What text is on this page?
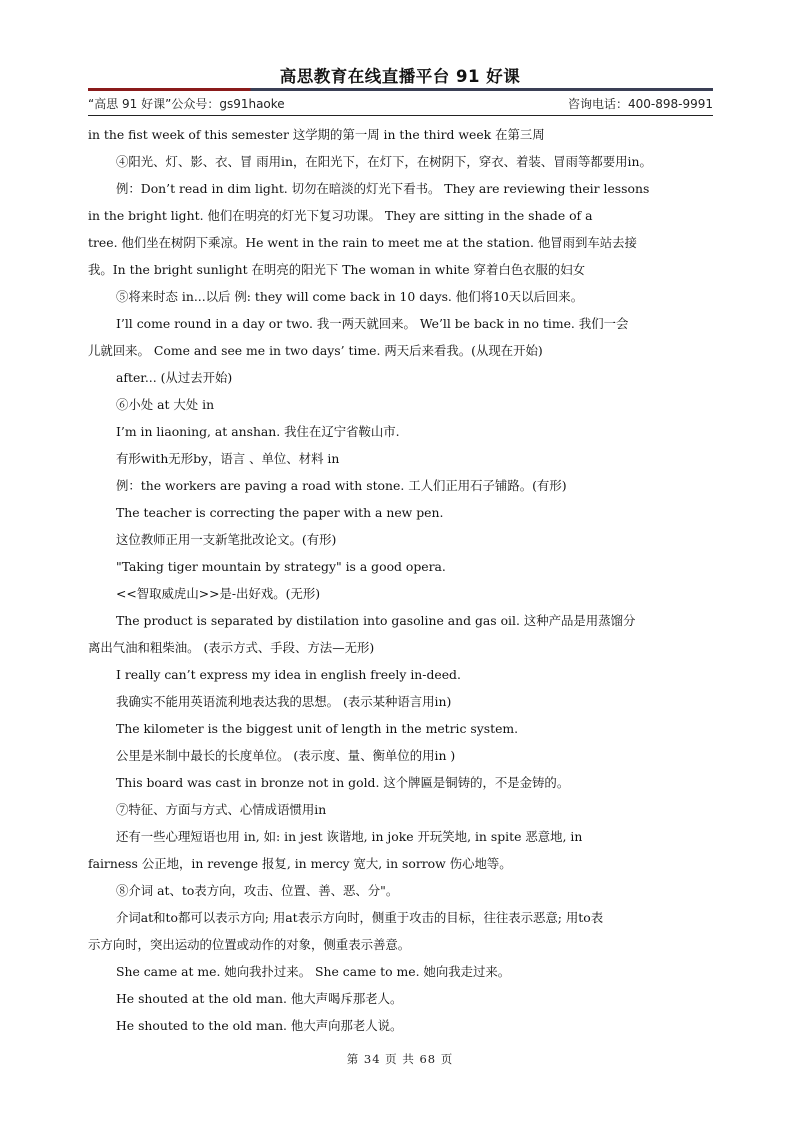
高思教育在线直播平台 91 好课
“高思 91 好课”公众号：gs91haoke	咨询电话：400-898-9991
in the fist week of this semester 这学期的第一周 in the third week 在第三周
④阳光、灯、影、衣、冒 雨用in，在阳光下，在灯下，在树阴下，穿衣、着装、冒雨等都要用in。
例：Don’t read in dim light. 切勿在暗淡的灯光下看书。 They are reviewing their lessons
in the bright light. 他们在明亮的灯光下复习功课。 They are sitting in the shade of a
tree. 他们坐在树阴下乘凉。He went in the rain to meet me at the station. 他冒雨到车站去接
我。In the bright sunlight 在明亮的阳光下 The woman in white 穿着白色衣服的妇女
⑤将来时态 in...以后 例: they will come back in 10 days. 他们将10天以后回来。
I’ll come round in a day or two. 我一两天就回来。 We’ll be back in no time. 我们一会
儿就回来。 Come and see me in two days’ time. 两天后来看我。(从现在开始)
after... (从过去开始)
⑥小处 at 大处 in
I’m in liaoning, at anshan. 我住在辽宁省鞍山市.
有形with无形by，语言 、单位、材料 in
例：the workers are paving a road with stone. 工人们正用石子铺路。(有形)
The teacher is correcting the paper with a new pen.
这位教师正用一支新笔批改论文。(有形)
"Taking tiger mountain by strategy" is a good opera.
<<智取威虎山>>是-出好戏。(无形)
The product is separated by distilation into gasoline and gas oil. 这种产品是用蒸馏分
离出气油和粗柴油。 (表示方式、手段、方法—无形)
I really can’t express my idea in english freely in-deed.
我确实不能用英语流利地表达我的思想。 (表示某种语言用in)
The kilometer is the biggest unit of length in the metric system.
公里是米制中最长的长度单位。 (表示度、量、衡单位的用in )
This board was cast in bronze not in gold. 这个牌匾是铜铸的，不是金铸的。
⑦特征、方面与方式、心情成语惯用in
还有一些心理短语也用 in, 如: in jest 诙谐地, in joke 开玩笑地, in spite 恶意地, in
fairness 公正地，in revenge 报复, in mercy 宽大, in sorrow 伤心地等。
⑧介词 at、to表方向，攻击、位置、善、恶、分"。
介词at和to都可以表示方向; 用at表示方向时，侧重于攻击的目标，往往表示恶意; 用to表
示方向时，突出运动的位置或动作的对象，侧重表示善意。
She came at me. 她向我扑过来。 She came to me. 她向我走过来。
He shouted at the old man. 他大声喝斥那老人。
He shouted to the old man. 他大声向那老人说。
第 34 页 共 68 页
